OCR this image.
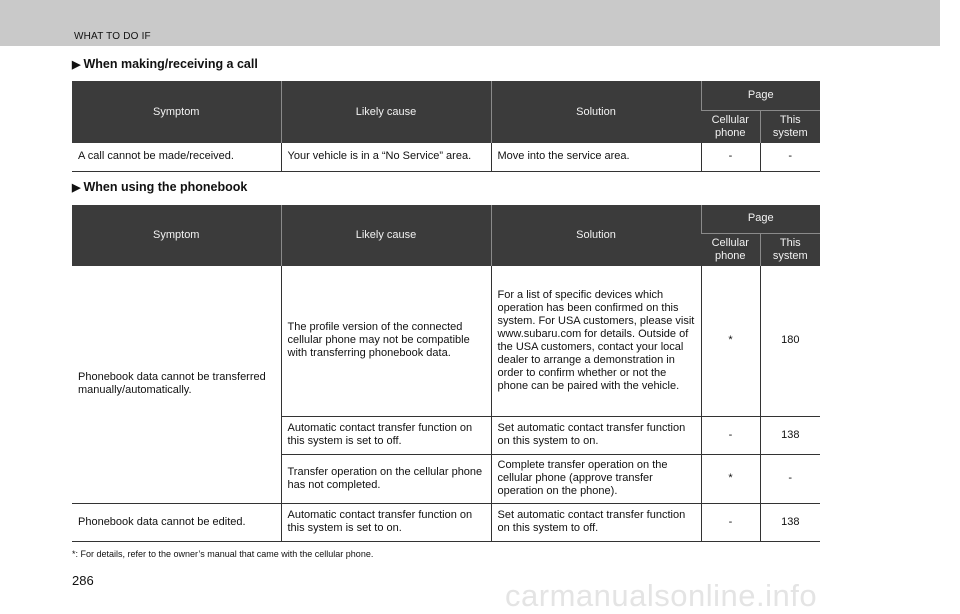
WHAT TO DO IF
▶ When making/receiving a call
Symptom	Likely cause	Solution	Page	
			Cellular phone	This system
A call cannot be made/received.	Your vehicle is in a “No Service” area.	Move into the service area.	-	-
▶ When using the phonebook
Symptom	Likely cause	Solution	Page	
			Cellular phone	This system
Phonebook data cannot be transferred manually/automatically.	The profile version of the connected cellular phone may not be compatible with transferring phonebook data.	For a list of specific devices which operation has been confirmed on this system. For USA customers, please visit www.subaru.com for details. Outside of the USA customers, contact your local dealer to arrange a demonstration in order to confirm whether or not the phone can be paired with the vehicle.	*	180
	Automatic contact transfer function on this system is set to off.	Set automatic contact transfer function on this system to on.	-	138
	Transfer operation on the cellular phone has not completed.	Complete transfer operation on the cellular phone (approve transfer operation on the phone).	*	-
Phonebook data cannot be edited.	Automatic contact transfer function on this system is set to on.	Set automatic contact transfer function on this system to off.	-	138
*: For details, refer to the owner’s manual that came with the cellular phone.
286	carmanualsonline.info
